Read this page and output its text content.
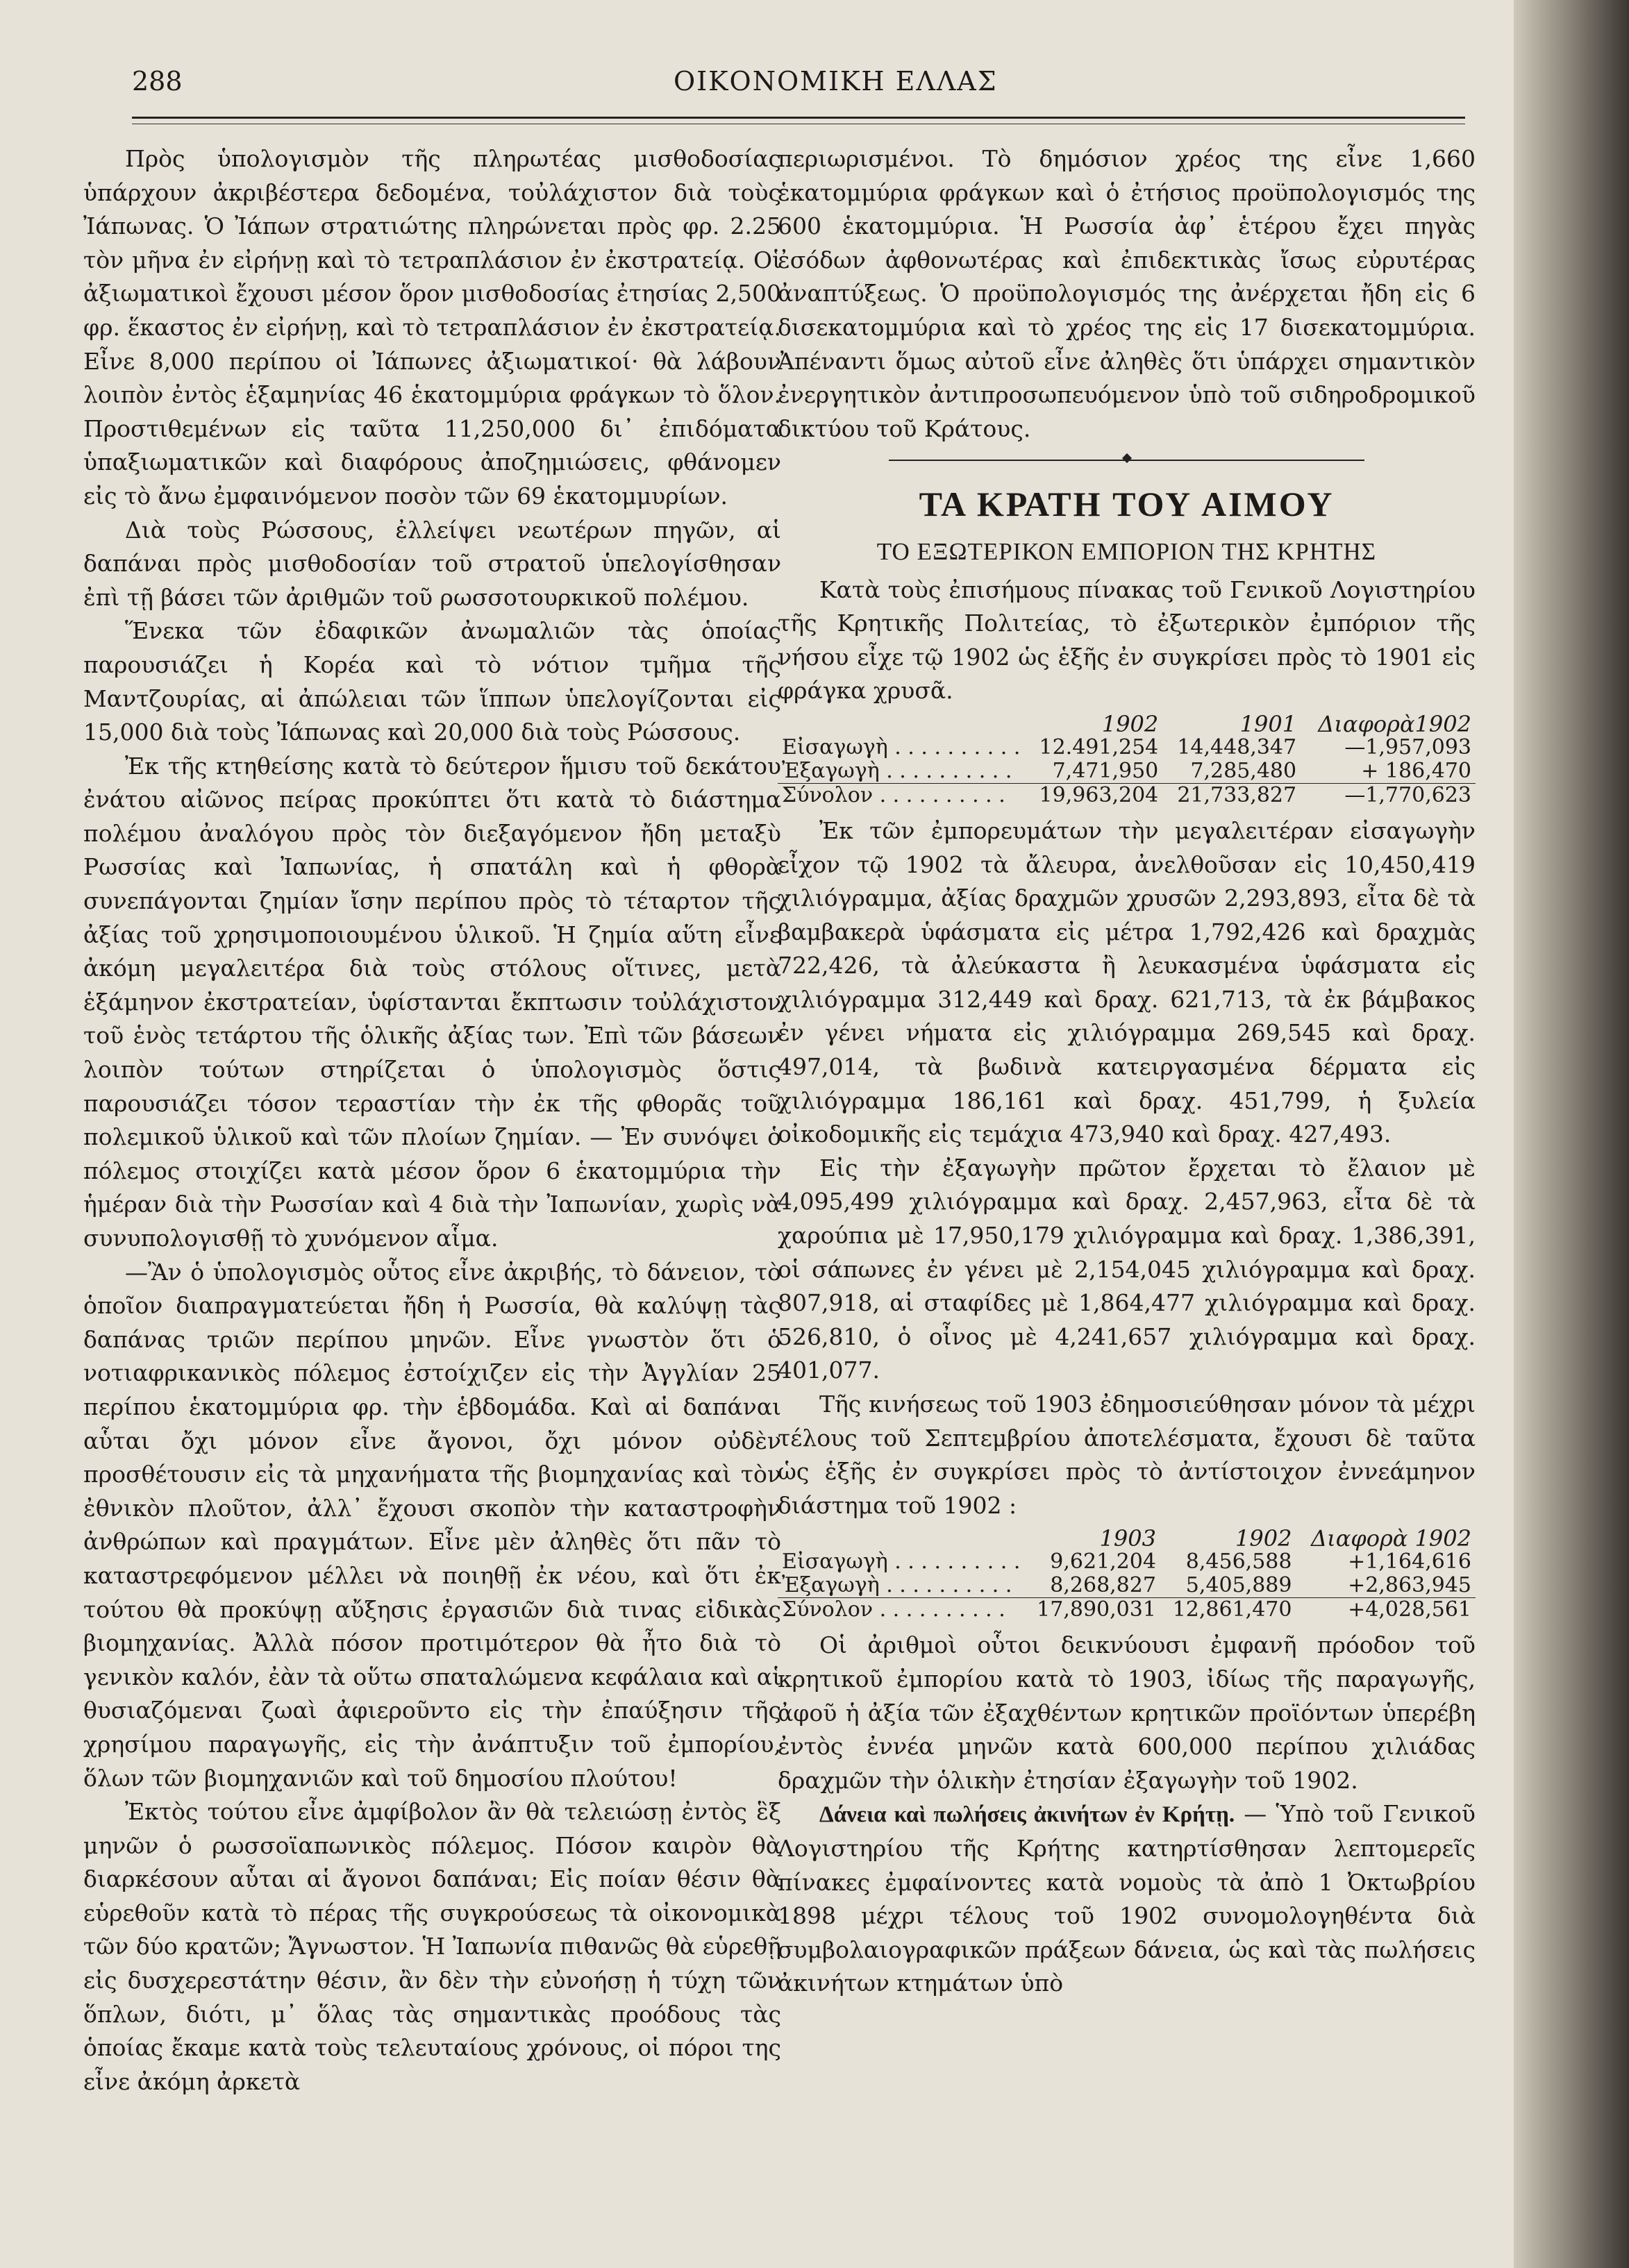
288	ΟΙΚΟΝΟΜΙΚΗ ΕΛΛΑΣ

Πρὸς ὑπολογισμὸν τῆς πληρωτέας μισθοδοσίας ὑπάρχουν ἀκριβέστερα δεδομένα, τοὐλάχιστον διὰ τοὺς Ἰάπωνας. Ὁ Ἰάπων στρατιώτης πληρώνεται πρὸς φρ. 2.25 τὸν μῆνα ἐν εἰρήνῃ καὶ τὸ τετραπλάσιον ἐν ἐκστρατείᾳ. Οἱ ἀξιωματικοὶ ἔχουσι μέσον ὅρον μισθοδοσίας ἐτησίας 2,500 φρ. ἕκαστος ἐν εἰρήνῃ, καὶ τὸ τετραπλάσιον ἐν ἐκστρατείᾳ. Εἶνε 8,000 περίπου οἱ Ἰάπωνες ἀξιωματικοί· θὰ λάβουν λοιπὸν ἐντὸς ἑξαμηνίας 46 ἑκατομμύρια φράγκων τὸ ὅλον. Προστιθεμένων εἰς ταῦτα 11,250,000 δι᾽ ἐπιδόματα ὑπαξιωματικῶν καὶ διαφόρους ἀποζημιώσεις, φθάνομεν εἰς τὸ ἄνω ἐμφαινόμενον ποσὸν τῶν 69 ἑκατομμυρίων.

Διὰ τοὺς Ρώσσους, ἐλλείψει νεωτέρων πηγῶν, αἱ δαπάναι πρὸς μισθοδοσίαν τοῦ στρατοῦ ὑπελογίσθησαν ἐπὶ τῇ βάσει τῶν ἀριθμῶν τοῦ ρωσσοτουρκικοῦ πολέμου.

Ἕνεκα τῶν ἐδαφικῶν ἀνωμαλιῶν τὰς ὁποίας παρουσιάζει ἡ Κορέα καὶ τὸ νότιον τμῆμα τῆς Μαντζουρίας, αἱ ἀπώλειαι τῶν ἵππων ὑπελογίζονται εἰς 15,000 διὰ τοὺς Ἰάπωνας καὶ 20,000 διὰ τοὺς Ρώσσους.

Ἐκ τῆς κτηθείσης κατὰ τὸ δεύτερον ἥμισυ τοῦ δεκάτου ἐνάτου αἰῶνος πείρας προκύπτει ὅτι κατὰ τὸ διάστημα πολέμου ἀναλόγου πρὸς τὸν διεξαγόμενον ἤδη μεταξὺ Ρωσσίας καὶ Ἰαπωνίας, ἡ σπατάλη καὶ ἡ φθορὰ συνεπάγονται ζημίαν ἴσην περίπου πρὸς τὸ τέταρτον τῆς ἀξίας τοῦ χρησιμοποιουμένου ὑλικοῦ. Ἡ ζημία αὕτη εἶνε ἀκόμη μεγαλειτέρα διὰ τοὺς στόλους οἵτινες, μετὰ ἑξάμηνον ἐκστρατείαν, ὑφίστανται ἔκπτωσιν τοὐλάχιστον τοῦ ἑνὸς τετάρτου τῆς ὁλικῆς ἀξίας των. Ἐπὶ τῶν βάσεων λοιπὸν τούτων στηρίζεται ὁ ὑπολογισμὸς ὅστις παρουσιάζει τόσον τεραστίαν τὴν ἐκ τῆς φθορᾶς τοῦ πολεμικοῦ ὑλικοῦ καὶ τῶν πλοίων ζημίαν. — Ἐν συνόψει ὁ πόλεμος στοιχίζει κατὰ μέσον ὅρον 6 ἑκατομμύρια τὴν ἡμέραν διὰ τὴν Ρωσσίαν καὶ 4 διὰ τὴν Ἰαπωνίαν, χωρὶς νὰ συνυπολογισθῇ τὸ χυνόμενον αἷμα.

—Ἂν ὁ ὑπολογισμὸς οὗτος εἶνε ἀκριβής, τὸ δάνειον, τὸ ὁποῖον διαπραγματεύεται ἤδη ἡ Ρωσσία, θὰ καλύψῃ τὰς δαπάνας τριῶν περίπου μηνῶν. Εἶνε γνωστὸν ὅτι ὁ νοτιαφρικανικὸς πόλεμος ἐστοίχιζεν εἰς τὴν Ἀγγλίαν 25 περίπου ἑκατομμύρια φρ. τὴν ἑβδομάδα. Καὶ αἱ δαπάναι αὗται ὄχι μόνον εἶνε ἄγονοι, ὄχι μόνον οὐδὲν προσθέτουσιν εἰς τὰ μηχανήματα τῆς βιομηχανίας καὶ τὸν ἐθνικὸν πλοῦτον, ἀλλ᾽ ἔχουσι σκοπὸν τὴν καταστροφὴν ἀνθρώπων καὶ πραγμάτων. Εἶνε μὲν ἀληθὲς ὅτι πᾶν τὸ καταστρεφόμενον μέλλει νὰ ποιηθῇ ἐκ νέου, καὶ ὅτι ἐκ τούτου θὰ προκύψῃ αὔξησις ἐργασιῶν διὰ τινας εἰδικὰς βιομηχανίας. Ἀλλὰ πόσον προτιμότερον θὰ ἦτο διὰ τὸ γενικὸν καλόν, ἐὰν τὰ οὕτω σπαταλώμενα κεφάλαια καὶ αἱ θυσιαζόμεναι ζωαὶ ἀφιεροῦντο εἰς τὴν ἐπαύξησιν τῆς χρησίμου παραγωγῆς, εἰς τὴν ἀνάπτυξιν τοῦ ἐμπορίου, ὅλων τῶν βιομηχανιῶν καὶ τοῦ δημοσίου πλούτου!

Ἐκτὸς τούτου εἶνε ἀμφίβολον ἂν θὰ τελειώσῃ ἐντὸς ἓξ μηνῶν ὁ ρωσσοϊαπωνικὸς πόλεμος. Πόσον καιρὸν θὰ διαρκέσουν αὗται αἱ ἄγονοι δαπάναι; Εἰς ποίαν θέσιν θὰ εὑρεθοῦν κατὰ τὸ πέρας τῆς συγκρούσεως τὰ οἰκονομικὰ τῶν δύο κρατῶν; Ἄγνωστον. Ἡ Ἰαπωνία πιθανῶς θὰ εὑρεθῇ εἰς δυσχερεστάτην θέσιν, ἂν δὲν τὴν εὐνοήσῃ ἡ τύχη τῶν ὅπλων, διότι, μ᾽ ὅλας τὰς σημαντικὰς προόδους τὰς ὁποίας ἔκαμε κατὰ τοὺς τελευταίους χρόνους, οἱ πόροι της εἶνε ἀκόμη ἀρκετὰ

περιωρισμένοι. Τὸ δημόσιον χρέος της εἶνε 1,660 ἑκατομμύρια φράγκων καὶ ὁ ἐτήσιος προϋπολογισμός της 600 ἑκατομμύρια. Ἡ Ρωσσία ἀφ᾽ ἑτέρου ἔχει πηγὰς ἐσόδων ἀφθονωτέρας καὶ ἐπιδεκτικὰς ἴσως εὐρυτέρας ἀναπτύξεως. Ὁ προϋπολογισμός της ἀνέρχεται ἤδη εἰς 6 δισεκατομμύρια καὶ τὸ χρέος της εἰς 17 δισεκατομμύρια. Ἀπέναντι ὅμως αὐτοῦ εἶνε ἀληθὲς ὅτι ὑπάρχει σημαντικὸν ἐνεργητικὸν ἀντιπροσωπευόμενον ὑπὸ τοῦ σιδηροδρομικοῦ δικτύου τοῦ Κράτους.

ΤΑ ΚΡΑΤΗ ΤΟΥ ΑΙΜΟΥ
ΤΟ ΕΞΩΤΕΡΙΚΟΝ ΕΜΠΟΡΙΟΝ ΤΗΣ ΚΡΗΤΗΣ

Κατὰ τοὺς ἐπισήμους πίνακας τοῦ Γενικοῦ Λογιστηρίου τῆς Κρητικῆς Πολιτείας, τὸ ἐξωτερικὸν ἐμπόριον τῆς νήσου εἶχε τῷ 1902 ὡς ἑξῆς ἐν συγκρίσει πρὸς τὸ 1901 εἰς φράγκα χρυσᾶ.

	1902	1901	Διαφορὰ1902
Εἰσαγωγὴ . . . . . . . . . .	12.491,254	14,448,347	—1,957,093
Ἐξαγωγὴ . . . . . . . . . .	7,471,950	7,285,480	+ 186,470
Σύνολον . . . . . . . . . .	19,963,204	21,733,827	—1,770,623

Ἐκ τῶν ἐμπορευμάτων τὴν μεγαλειτέραν εἰσαγωγὴν εἶχον τῷ 1902 τὰ ἄλευρα, ἀνελθοῦσαν εἰς 10,450,419 χιλιόγραμμα, ἀξίας δραχμῶν χρυσῶν 2,293,893, εἶτα δὲ τὰ βαμβακερὰ ὑφάσματα εἰς μέτρα 1,792,426 καὶ δραχμὰς 722,426, τὰ ἀλεύκαστα ἢ λευκασμένα ὑφάσματα εἰς χιλιόγραμμα 312,449 καὶ δραχ. 621,713, τὰ ἐκ βάμβακος ἐν γένει νήματα εἰς χιλιόγραμμα 269,545 καὶ δραχ. 497,014, τὰ βωδινὰ κατειργασμένα δέρματα εἰς χιλιόγραμμα 186,161 καὶ δραχ. 451,799, ἡ ξυλεία οἰκοδομικῆς εἰς τεμάχια 473,940 καὶ δραχ. 427,493.

Εἰς τὴν ἐξαγωγὴν πρῶτον ἔρχεται τὸ ἔλαιον μὲ 4,095,499 χιλιόγραμμα καὶ δραχ. 2,457,963, εἶτα δὲ τὰ χαρούπια μὲ 17,950,179 χιλιόγραμμα καὶ δραχ. 1,386,391, οἱ σάπωνες ἐν γένει μὲ 2,154,045 χιλιόγραμμα καὶ δραχ. 807,918, αἱ σταφίδες μὲ 1,864,477 χιλιόγραμμα καὶ δραχ. 526,810, ὁ οἶνος μὲ 4,241,657 χιλιόγραμμα καὶ δραχ. 401,077.

Τῆς κινήσεως τοῦ 1903 ἐδημοσιεύθησαν μόνον τὰ μέχρι τέλους τοῦ Σεπτεμβρίου ἀποτελέσματα, ἔχουσι δὲ ταῦτα ὡς ἑξῆς ἐν συγκρίσει πρὸς τὸ ἀντίστοιχον ἐννεάμηνον διάστημα τοῦ 1902 :

	1903	1902	Διαφορὰ 1902
Εἰσαγωγὴ . . . . . . . . . .	9,621,204	8,456,588	+1,164,616
Ἐξαγωγὴ . . . . . . . . . .	8,268,827	5,405,889	+2,863,945
Σύνολον . . . . . . . . . .	17,890,031	12,861,470	+4,028,561

Οἱ ἀριθμοὶ οὗτοι δεικνύουσι ἐμφανῆ πρόοδον τοῦ κρητικοῦ ἐμπορίου κατὰ τὸ 1903, ἰδίως τῆς παραγωγῆς, ἀφοῦ ἡ ἀξία τῶν ἐξαχθέντων κρητικῶν προϊόντων ὑπερέβη ἐντὸς ἐννέα μηνῶν κατὰ 600,000 περίπου χιλιάδας δραχμῶν τὴν ὁλικὴν ἐτησίαν ἐξαγωγὴν τοῦ 1902.

Δάνεια καὶ πωλήσεις ἀκινήτων ἐν Κρήτῃ. — Ὑπὸ τοῦ Γενικοῦ Λογιστηρίου τῆς Κρήτης κατηρτίσθησαν λεπτομερεῖς πίνακες ἐμφαίνοντες κατὰ νομοὺς τὰ ἀπὸ 1 Ὀκτωβρίου 1898 μέχρι τέλους τοῦ 1902 συνομολογηθέντα διὰ συμβολαιογραφικῶν πράξεων δάνεια, ὡς καὶ τὰς πωλήσεις ἀκινήτων κτημάτων ὑπὸ
